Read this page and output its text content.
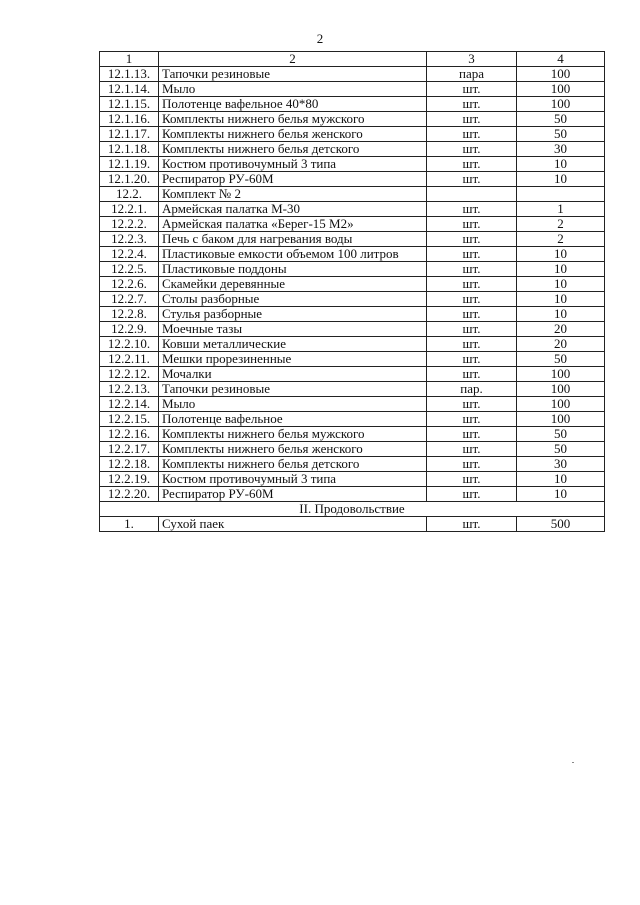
2
1	2	3	4
12.1.13.	Тапочки резиновые	пара	100
12.1.14.	Мыло	шт.	100
12.1.15.	Полотенце вафельное 40*80	шт.	100
12.1.16.	Комплекты нижнего белья мужского	шт.	50
12.1.17.	Комплекты нижнего белья женского	шт.	50
12.1.18.	Комплекты нижнего белья детского	шт.	30
12.1.19.	Костюм противочумный 3 типа	шт.	10
12.1.20.	Респиратор РУ-60М	шт.	10
12.2.	Комплект № 2		
12.2.1.	Армейская палатка М-30	шт.	1
12.2.2.	Армейская палатка «Берег-15 М2»	шт.	2
12.2.3.	Печь с баком для нагревания воды	шт.	2
12.2.4.	Пластиковые емкости объемом 100 литров	шт.	10
12.2.5.	Пластиковые поддоны	шт.	10
12.2.6.	Скамейки деревянные	шт.	10
12.2.7.	Столы разборные	шт.	10
12.2.8.	Стулья разборные	шт.	10
12.2.9.	Моечные тазы	шт.	20
12.2.10.	Ковши металлические	шт.	20
12.2.11.	Мешки прорезиненные	шт.	50
12.2.12.	Мочалки	шт.	100
12.2.13.	Тапочки резиновые	пар.	100
12.2.14.	Мыло	шт.	100
12.2.15.	Полотенце вафельное	шт.	100
12.2.16.	Комплекты нижнего белья мужского	шт.	50
12.2.17.	Комплекты нижнего белья женского	шт.	50
12.2.18.	Комплекты нижнего белья детского	шт.	30
12.2.19.	Костюм противочумный 3 типа	шт.	10
12.2.20.	Респиратор РУ-60М	шт.	10
II. Продовольствие			
1.	Сухой паек	шт.	500
